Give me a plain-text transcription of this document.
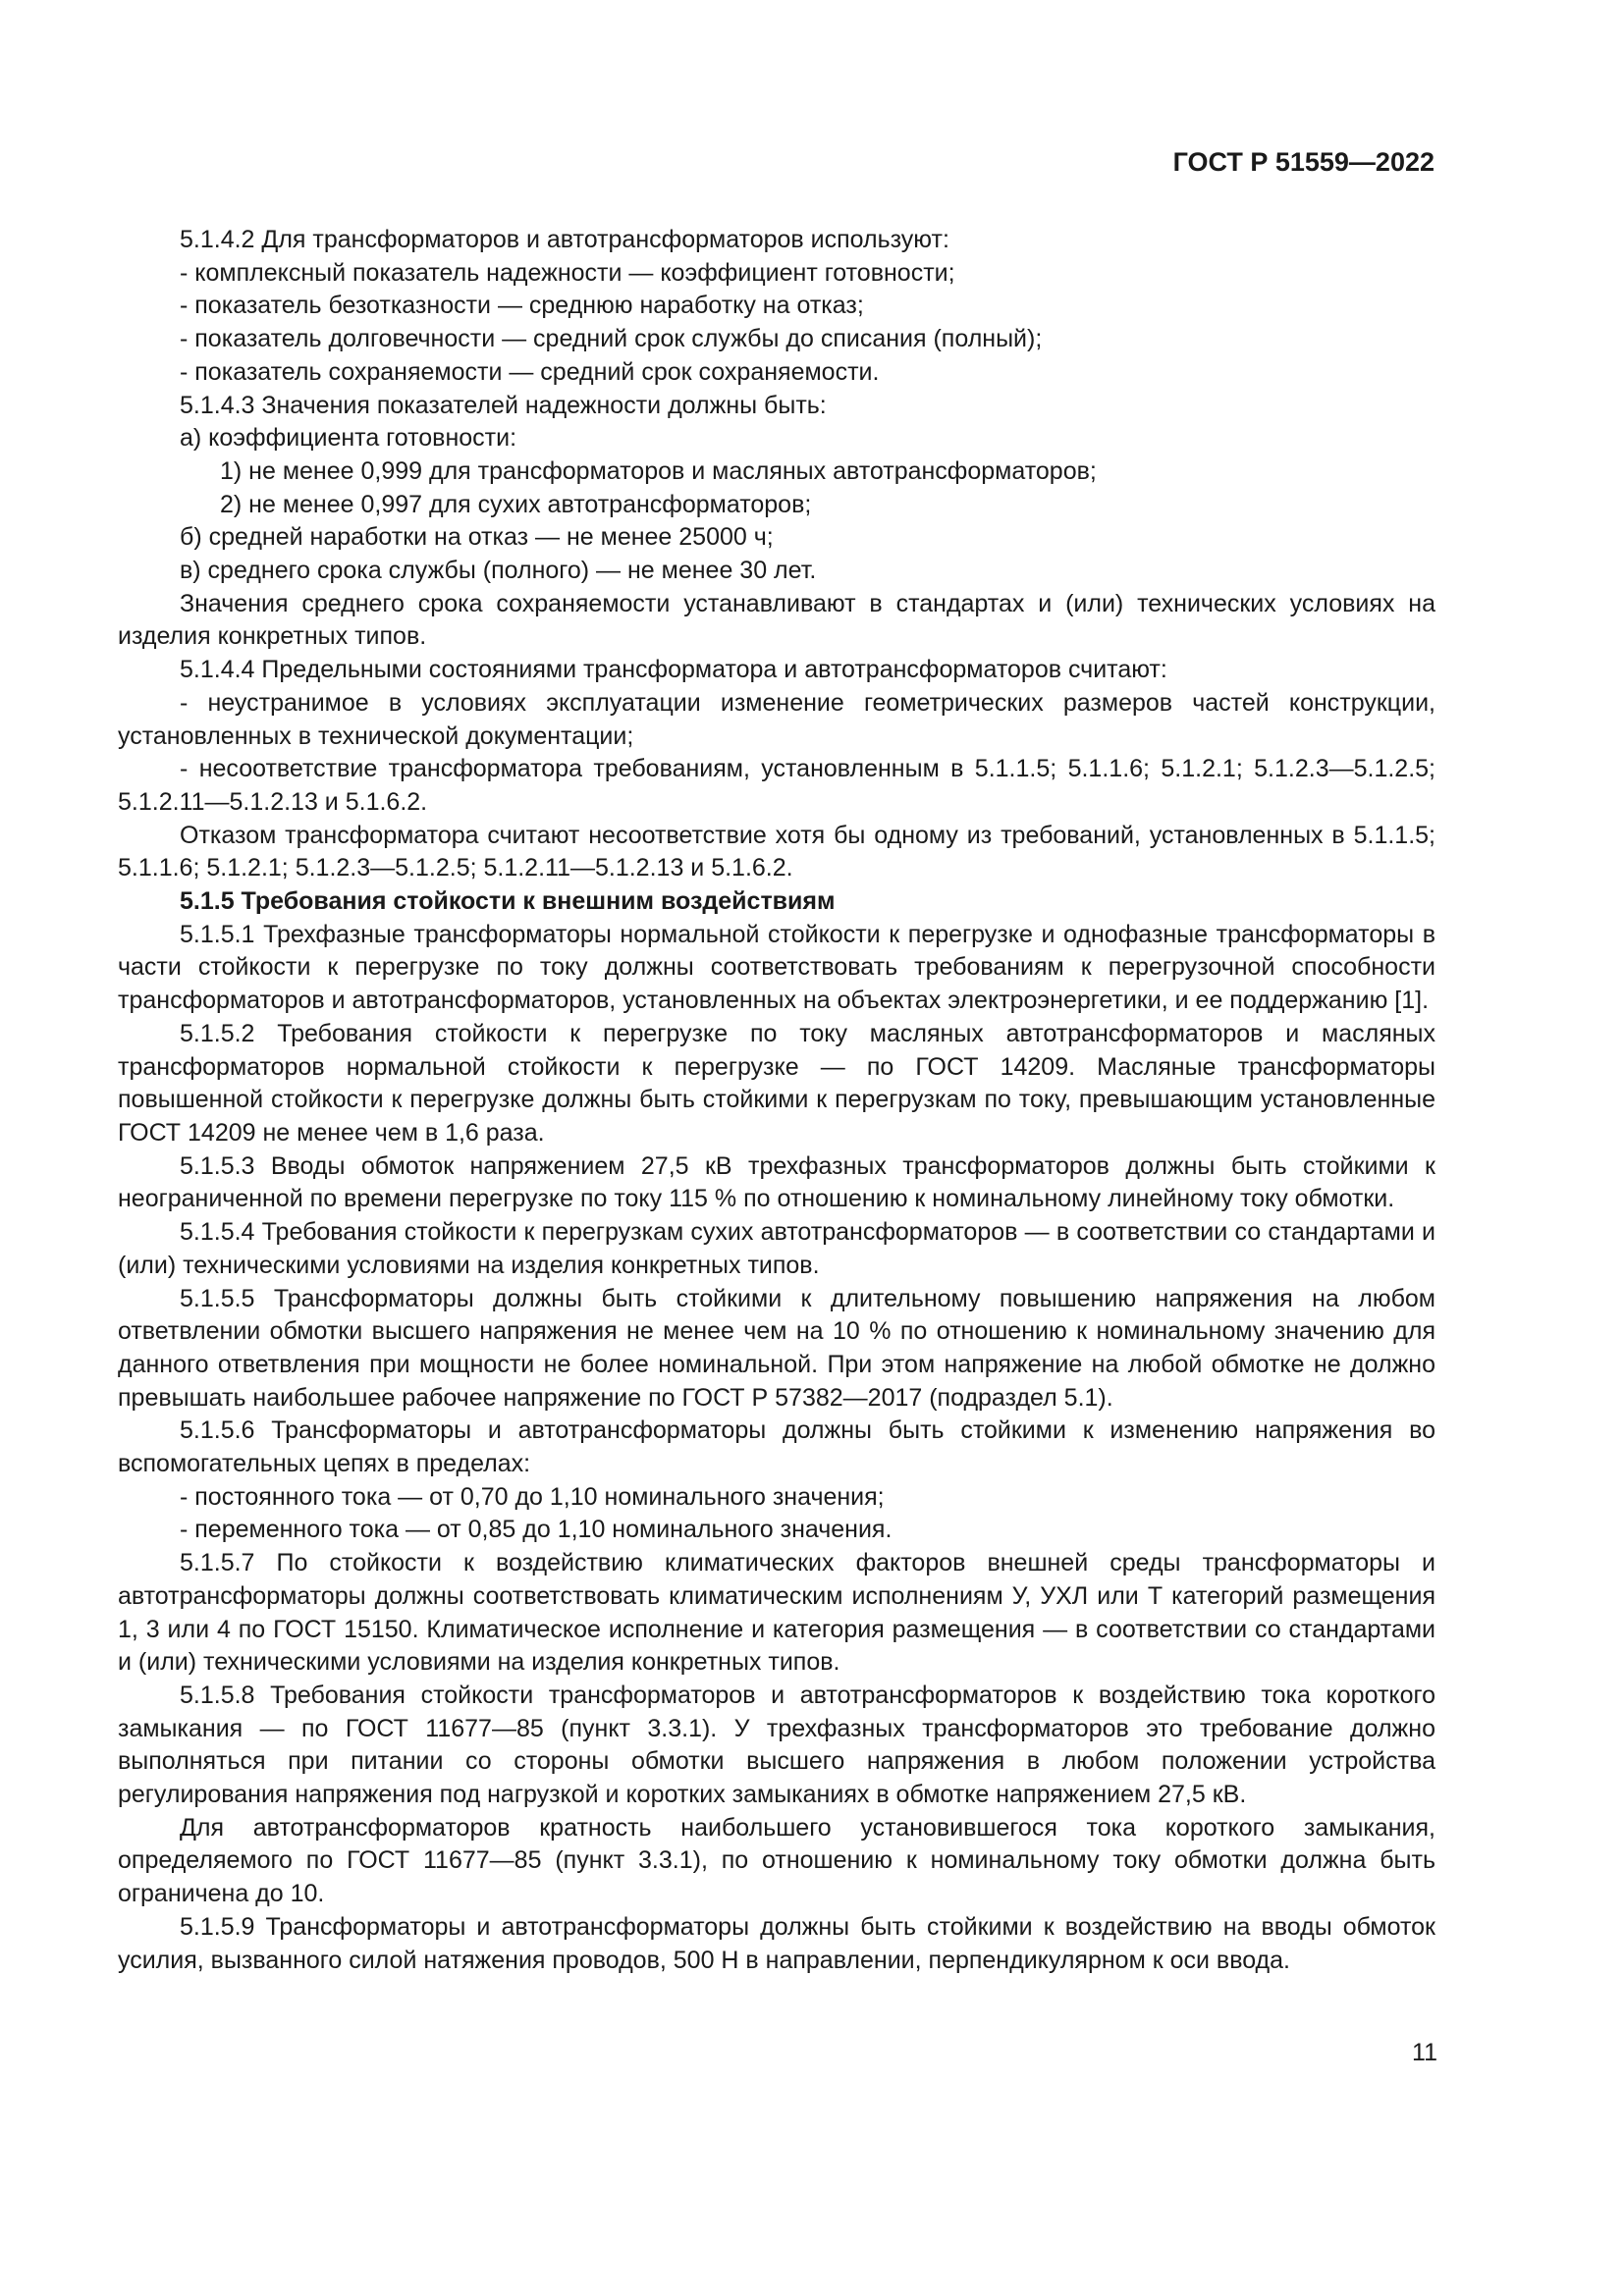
ГОСТ Р 51559—2022

5.1.4.2 Для трансформаторов и автотрансформаторов используют:

- комплексный показатель надежности — коэффициент готовности;

- показатель безотказности — среднюю наработку на отказ;

- показатель долговечности — средний срок службы до списания (полный);

- показатель сохраняемости — средний срок сохраняемости.

5.1.4.3 Значения показателей надежности должны быть:

а) коэффициента готовности:

1) не менее 0,999 для трансформаторов и масляных автотрансформаторов;

2) не менее 0,997 для сухих автотрансформаторов;

б) средней наработки на отказ — не менее 25000 ч;

в) среднего срока службы (полного) — не менее 30 лет.

Значения среднего срока сохраняемости устанавливают в стандартах и (или) технических условиях на изделия конкретных типов.

5.1.4.4 Предельными состояниями трансформатора и автотрансформаторов считают:

- неустранимое в условиях эксплуатации изменение геометрических размеров частей конструкции, установленных в технической документации;

- несоответствие трансформатора требованиям, установленным в 5.1.1.5; 5.1.1.6; 5.1.2.1; 5.1.2.3—5.1.2.5; 5.1.2.11—5.1.2.13 и 5.1.6.2.

Отказом трансформатора считают несоответствие хотя бы одному из требований, установленных в 5.1.1.5; 5.1.1.6; 5.1.2.1; 5.1.2.3—5.1.2.5; 5.1.2.11—5.1.2.13 и 5.1.6.2.

5.1.5 Требования стойкости к внешним воздействиям

5.1.5.1 Трехфазные трансформаторы нормальной стойкости к перегрузке и однофазные трансформаторы в части стойкости к перегрузке по току должны соответствовать требованиям к перегрузочной способности трансформаторов и автотрансформаторов, установленных на объектах электроэнергетики, и ее поддержанию [1].

5.1.5.2 Требования стойкости к перегрузке по току масляных автотрансформаторов и масляных трансформаторов нормальной стойкости к перегрузке — по ГОСТ 14209. Масляные трансформаторы повышенной стойкости к перегрузке должны быть стойкими к перегрузкам по току, превышающим установленные ГОСТ 14209 не менее чем в 1,6 раза.

5.1.5.3 Вводы обмоток напряжением 27,5 кВ трехфазных трансформаторов должны быть стойкими к неограниченной по времени перегрузке по току 115 % по отношению к номинальному линейному току обмотки.

5.1.5.4 Требования стойкости к перегрузкам сухих автотрансформаторов — в соответствии со стандартами и (или) техническими условиями на изделия конкретных типов.

5.1.5.5 Трансформаторы должны быть стойкими к длительному повышению напряжения на любом ответвлении обмотки высшего напряжения не менее чем на 10 % по отношению к номинальному значению для данного ответвления при мощности не более номинальной. При этом напряжение на любой обмотке не должно превышать наибольшее рабочее напряжение по ГОСТ Р 57382—2017 (подраздел 5.1).

5.1.5.6 Трансформаторы и автотрансформаторы должны быть стойкими к изменению напряжения во вспомогательных цепях в пределах:

- постоянного тока — от 0,70 до 1,10 номинального значения;

- переменного тока — от 0,85 до 1,10 номинального значения.

5.1.5.7 По стойкости к воздействию климатических факторов внешней среды трансформаторы и автотрансформаторы должны соответствовать климатическим исполнениям У, УХЛ или Т категорий размещения 1, 3 или 4 по ГОСТ 15150. Климатическое исполнение и категория размещения — в соответствии со стандартами и (или) техническими условиями на изделия конкретных типов.

5.1.5.8 Требования стойкости трансформаторов и автотрансформаторов к воздействию тока короткого замыкания — по ГОСТ 11677—85 (пункт 3.3.1). У трехфазных трансформаторов это требование должно выполняться при питании со стороны обмотки высшего напряжения в любом положении устройства регулирования напряжения под нагрузкой и коротких замыканиях в обмотке напряжением 27,5 кВ.

Для автотрансформаторов кратность наибольшего установившегося тока короткого замыкания, определяемого по ГОСТ 11677—85 (пункт 3.3.1), по отношению к номинальному току обмотки должна быть ограничена до 10.

5.1.5.9 Трансформаторы и автотрансформаторы должны быть стойкими к воздействию на вводы обмоток усилия, вызванного силой натяжения проводов, 500 Н в направлении, перпендикулярном к оси ввода.

11
